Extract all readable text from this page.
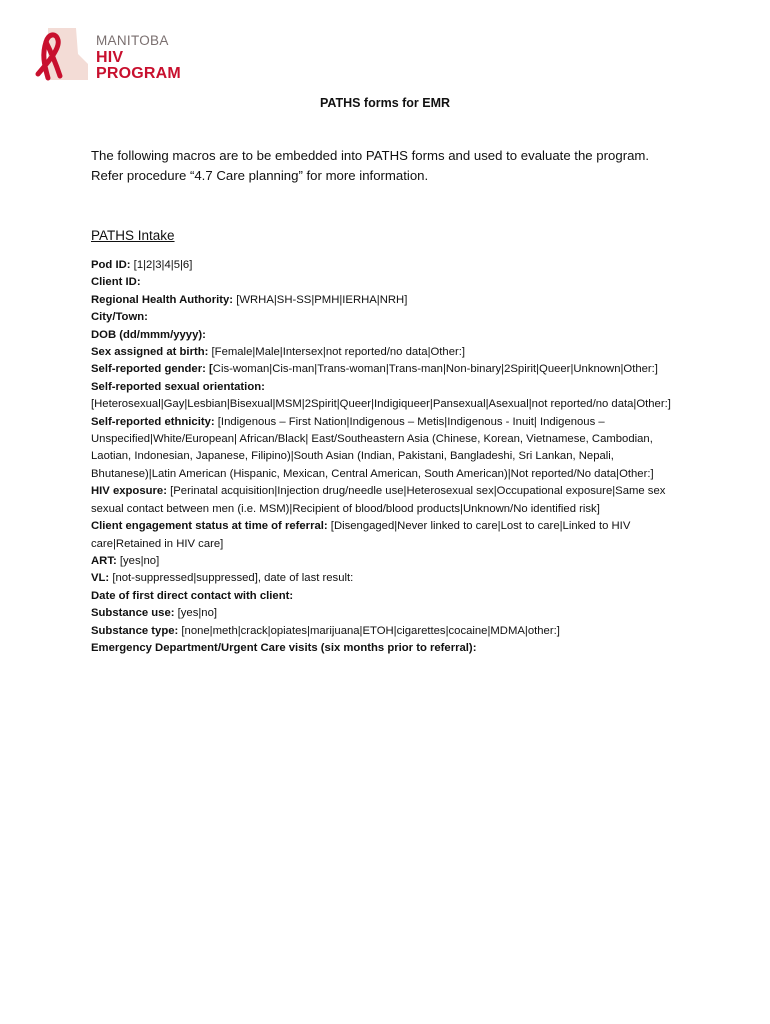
MANITOBA
HIV PROGRAM
PATHS forms for EMR
The following macros are to be embedded into PATHS forms and used to evaluate the program.
Refer procedure “4.7 Care planning” for more information.
PATHS Intake

Pod ID: [1|2|3|4|5|6]

Client ID:

Regional Health Authority: [WRHA|SH-SS|PMH|IERHA|NRH]

City/Town:

DOB (dd/mmm/yyyy):

Sex assigned at birth: [Female|Male|Intersex|not reported/no data|Other:]

Self-reported gender: [Cis-woman|Cis-man|Trans-woman|Trans-man|Non-binary|2Spirit|Queer|Unknown|Other:]

Self-reported sexual orientation: [Heterosexual|Gay|Lesbian|Bisexual|MSM|2Spirit|Queer|Indigiqueer|Pansexual|Asexual|not reported/no data|Other:]

Self-reported ethnicity: [Indigenous – First Nation|Indigenous – Metis|Indigenous - Inuit| Indigenous – Unspecified|White/European| African/Black| East/Southeastern Asia (Chinese, Korean, Vietnamese, Cambodian, Laotian, Indonesian, Japanese, Filipino)|South Asian (Indian, Pakistani, Bangladeshi, Sri Lankan, Nepali, Bhutanese)|Latin American (Hispanic, Mexican, Central American, South American)|Not reported/No data|Other:]

HIV exposure: [Perinatal acquisition|Injection drug/needle use|Heterosexual sex|Occupational exposure|Same sex sexual contact between men (i.e. MSM)|Recipient of blood/blood products|Unknown/No identified risk]

Client engagement status at time of referral: [Disengaged|Never linked to care|Lost to care|Linked to HIV care|Retained in HIV care]

ART: [yes|no]

VL: [not-suppressed|suppressed], date of last result:

Date of first direct contact with client:

Substance use: [yes|no]

Substance type: [none|meth|crack|opiates|marijuana|ETOH|cigarettes|cocaine|MDMA|other:]

Emergency Department/Urgent Care visits (six months prior to referral):
